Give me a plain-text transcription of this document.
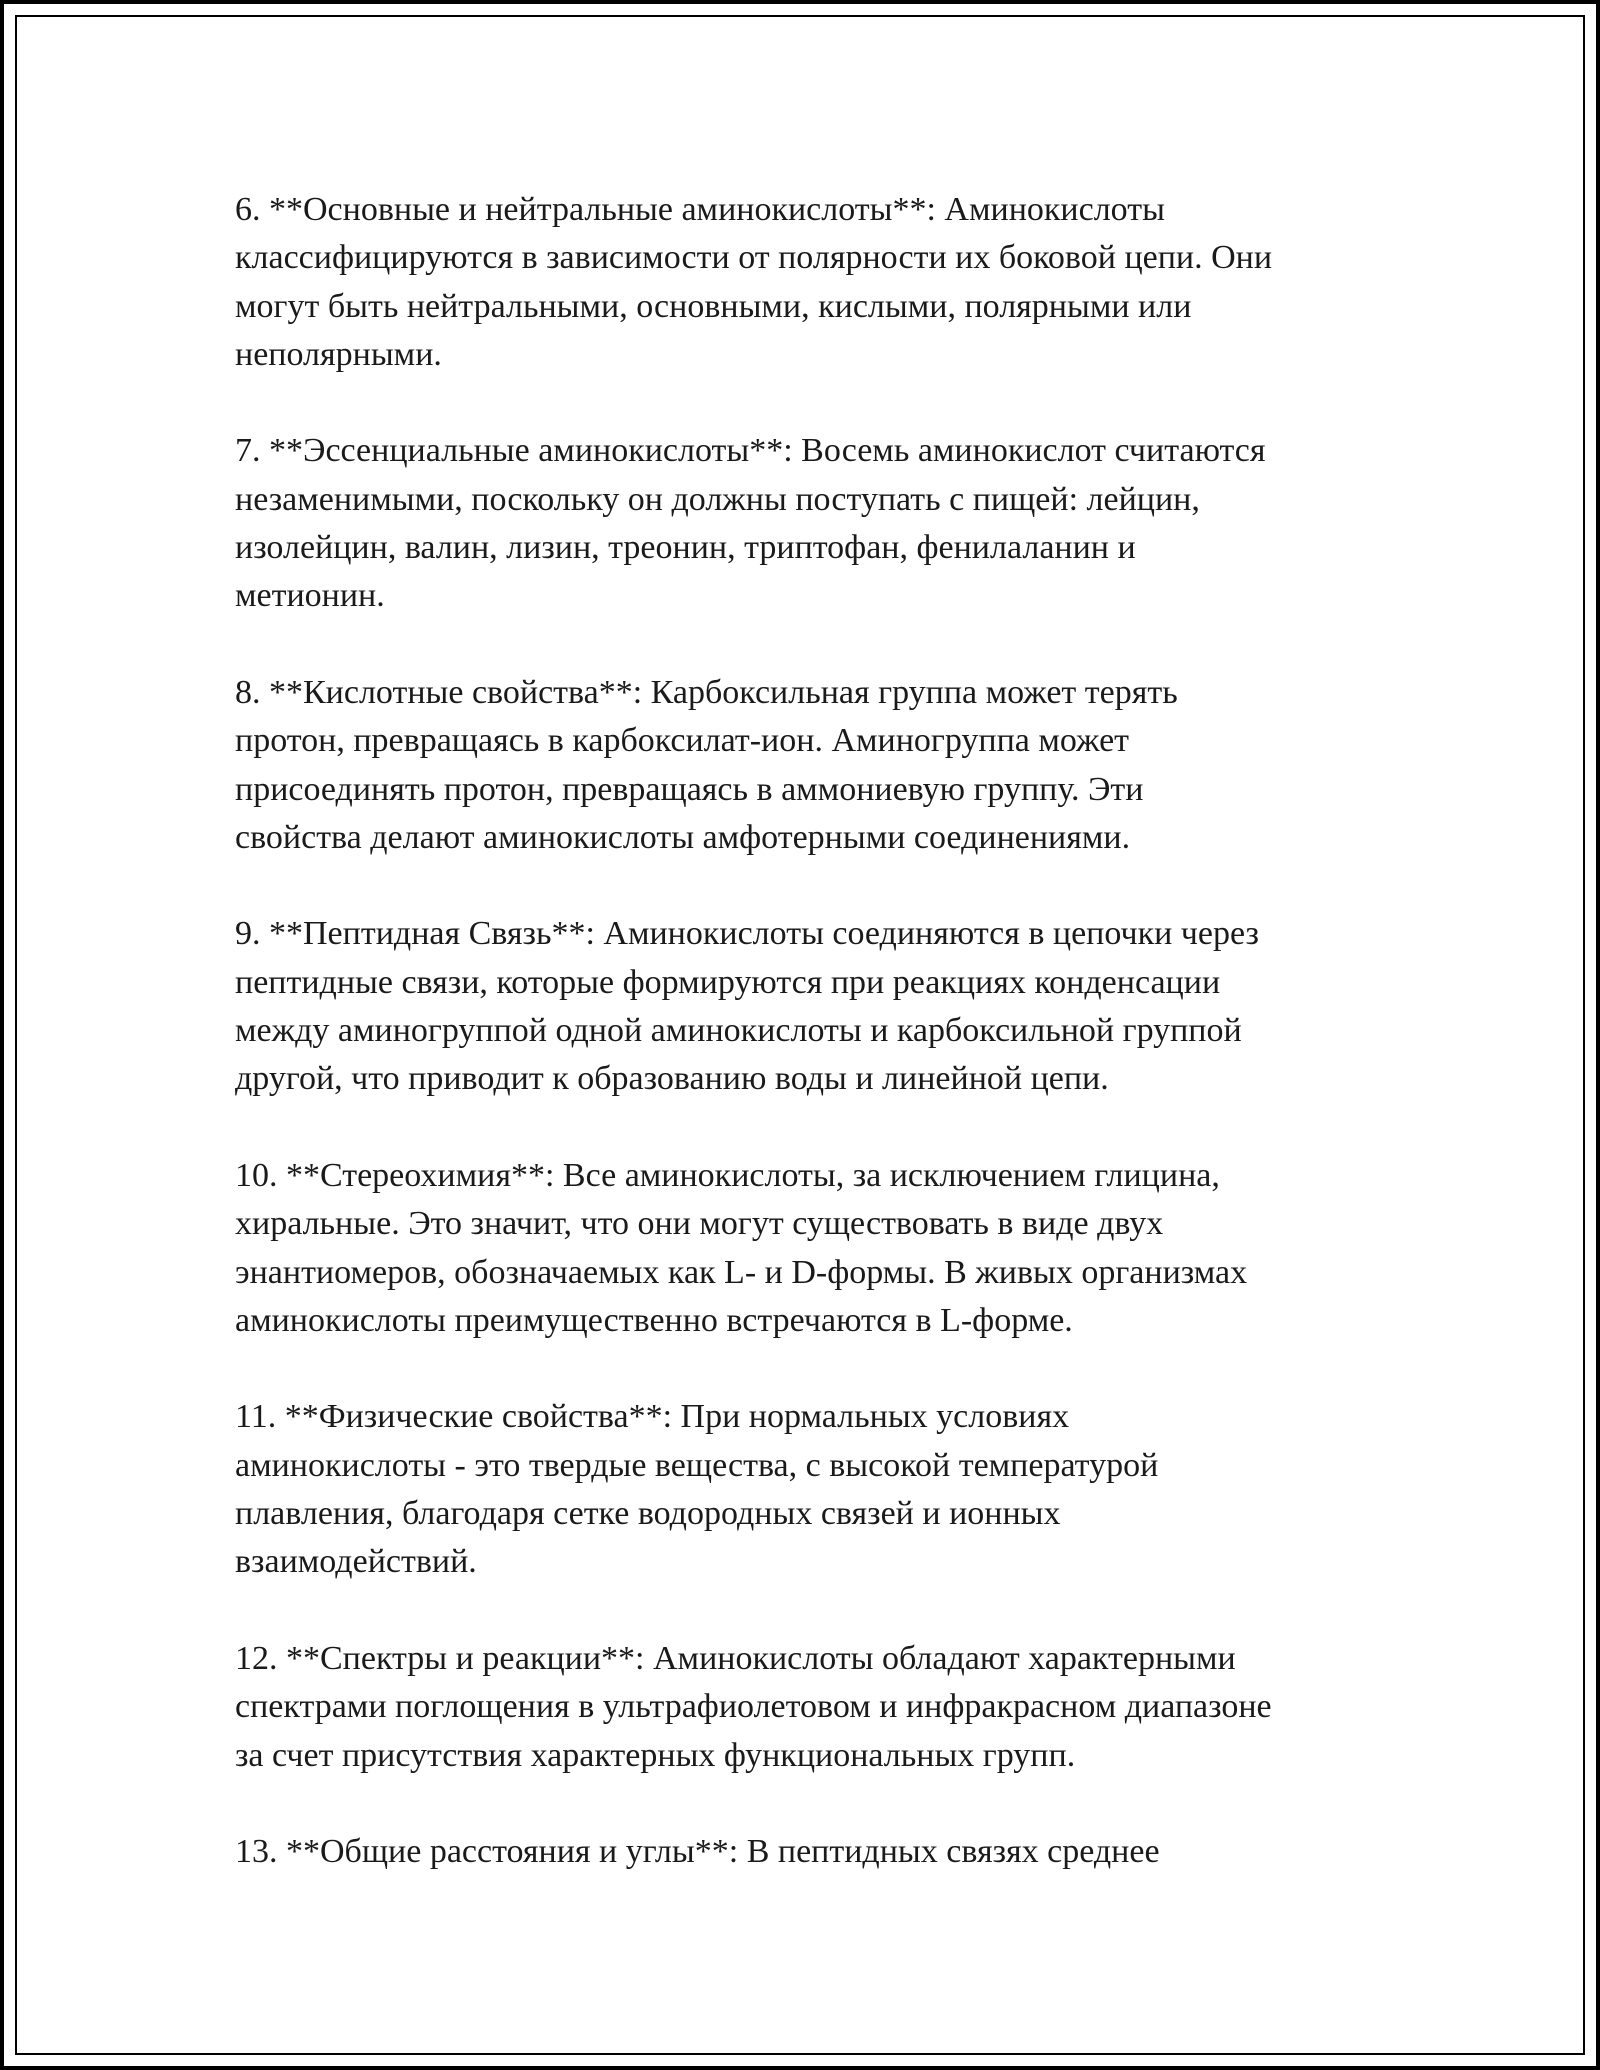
6. **Основные и нейтральные аминокислоты**: Аминокислоты
классифицируются в зависимости от полярности их боковой цепи. Они
могут быть нейтральными, основными, кислыми, полярными или
неполярными.

7. **Эссенциальные аминокислоты**: Восемь аминокислот считаются
незаменимыми, поскольку он должны поступать с пищей: лейцин,
изолейцин, валин, лизин, треонин, триптофан, фенилаланин и
метионин.

8. **Кислотные свойства**: Карбоксильная группа может терять
протон, превращаясь в карбоксилат-ион. Аминогруппа может
присоединять протон, превращаясь в аммониевую группу. Эти
свойства делают аминокислоты амфотерными соединениями.

9. **Пептидная Связь**: Аминокислоты соединяются в цепочки через
пептидные связи, которые формируются при реакциях конденсации
между аминогруппой одной аминокислоты и карбоксильной группой
другой, что приводит к образованию воды и линейной цепи.

10. **Стереохимия**: Все аминокислоты, за исключением глицина,
хиральные. Это значит, что они могут существовать в виде двух
энантиомеров, обозначаемых как L- и D-формы. В живых организмах
аминокислоты преимущественно встречаются в L-форме.

11. **Физические свойства**: При нормальных условиях
аминокислоты - это твердые вещества, с высокой температурой
плавления, благодаря сетке водородных связей и ионных
взаимодействий.

12. **Спектры и реакции**: Аминокислоты обладают характерными
спектрами поглощения в ультрафиолетовом и инфракрасном диапазоне
за счет присутствия характерных функциональных групп.

13. **Общие расстояния и углы**: В пептидных связях среднее
